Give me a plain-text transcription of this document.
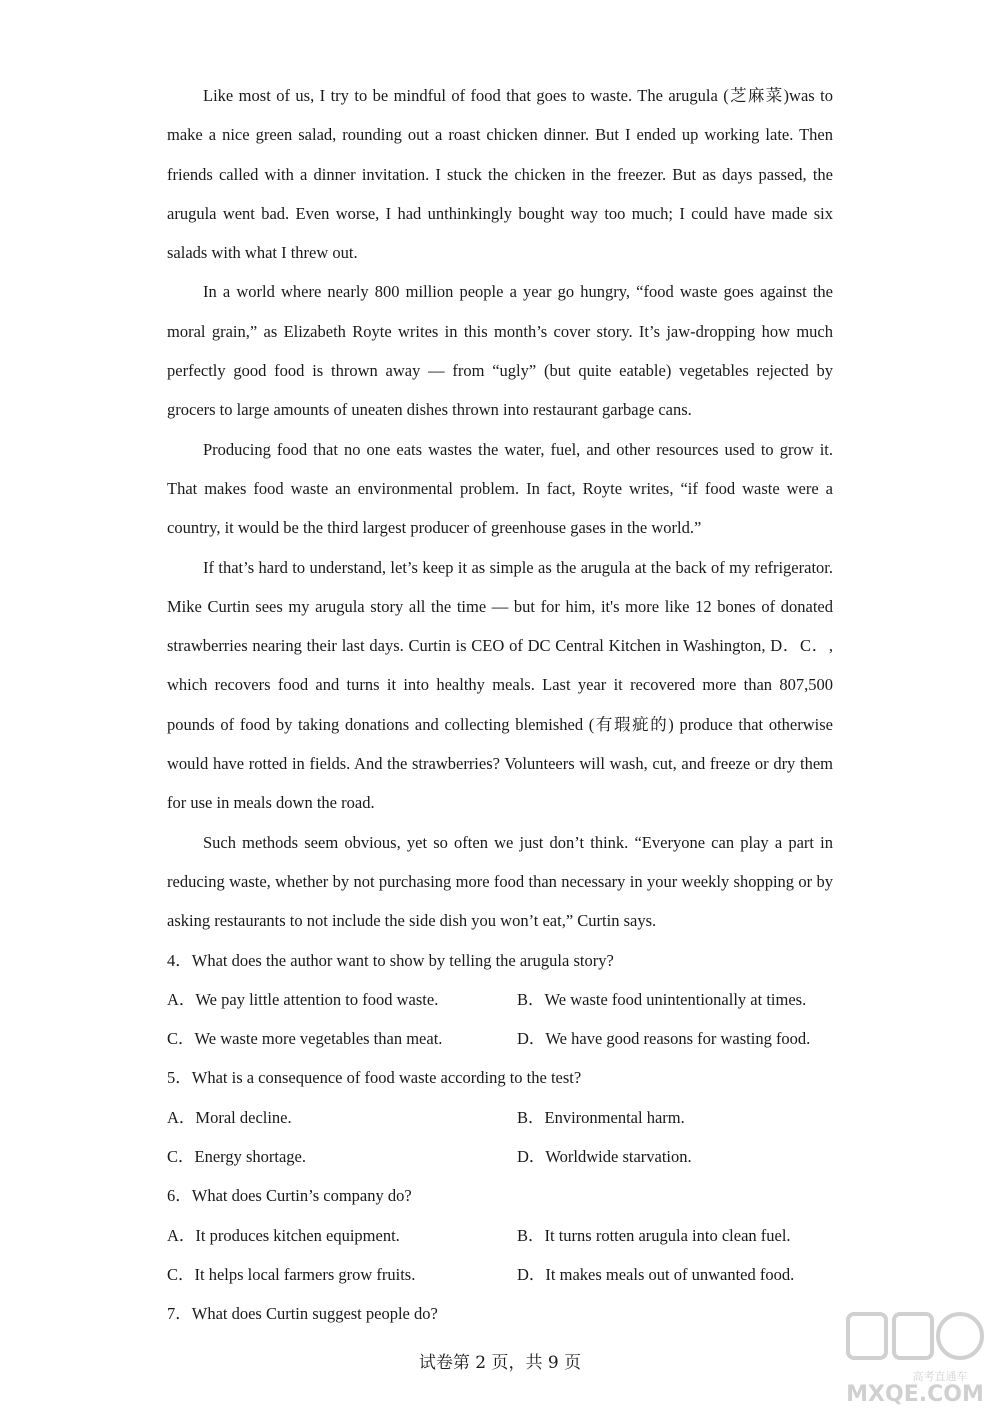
Like most of us, I try to be mindful of food that goes to waste. The arugula (芝麻菜)was to make a nice green salad, rounding out a roast chicken dinner. But I ended up working late. Then friends called with a dinner invitation. I stuck the chicken in the freezer. But as days passed, the arugula went bad. Even worse, I had unthinkingly bought way too much; I could have made six salads with what I threw out.

In a world where nearly 800 million people a year go hungry, “food waste goes against the moral grain,” as Elizabeth Royte writes in this month’s cover story. It’s jaw-dropping how much perfectly good food is thrown away — from “ugly” (but quite eatable) vegetables rejected by grocers to large amounts of uneaten dishes thrown into restaurant garbage cans.

Producing food that no one eats wastes the water, fuel, and other resources used to grow it. That makes food waste an environmental problem. In fact, Royte writes, “if food waste were a country, it would be the third largest producer of greenhouse gases in the world.”

If that’s hard to understand, let’s keep it as simple as the arugula at the back of my refrigerator. Mike Curtin sees my arugula story all the time — but for him, it's more like 12 bones of donated strawberries nearing their last days. Curtin is CEO of DC Central Kitchen in Washington, D．C．, which recovers food and turns it into healthy meals. Last year it recovered more than 807,500 pounds of food by taking donations and collecting blemished (有瑕疵的) produce that otherwise would have rotted in fields. And the strawberries? Volunteers will wash, cut, and freeze or dry them for use in meals down the road.

Such methods seem obvious, yet so often we just don’t think. “Everyone can play a part in reducing waste, whether by not purchasing more food than necessary in your weekly shopping or by asking restaurants to not include the side dish you won’t eat,” Curtin says.

4．What does the author want to show by telling the arugula story?

A．We pay little attention to food waste.	B．We waste food unintentionally at times.
C．We waste more vegetables than meat.	D．We have good reasons for wasting food.

5．What is a consequence of food waste according to the test?

A．Moral decline.	B．Environmental harm.
C．Energy shortage.	D．Worldwide starvation.

6．What does Curtin’s company do?

A．It produces kitchen equipment.	B．It turns rotten arugula into clean fuel.
C．It helps local farmers grow fruits.	D．It makes meals out of unwanted food.

7．What does Curtin suggest people do?

试卷第 2 页，共 9 页
高考直通车
MXQE.COM
